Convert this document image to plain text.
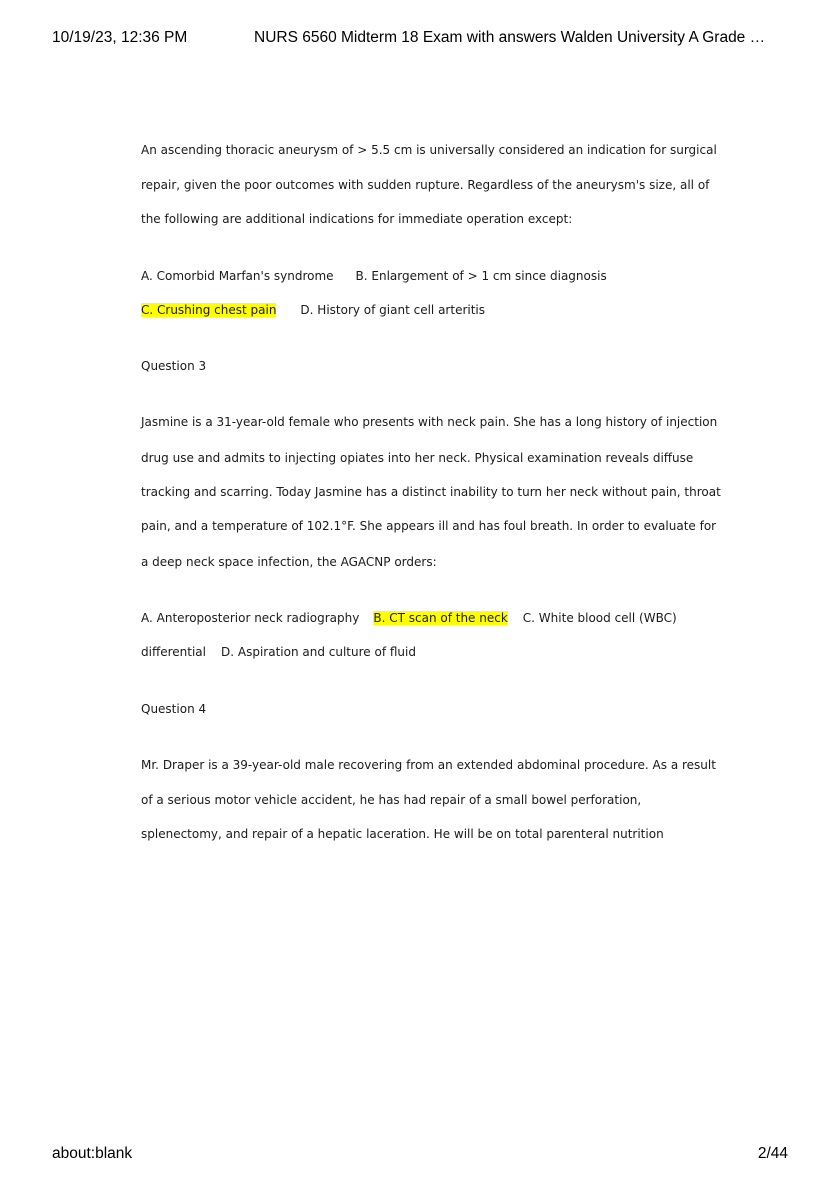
10/19/23, 12:36 PM	NURS 6560 Midterm 18 Exam with answers Walden University A Grade …
An ascending thoracic aneurysm of > 5.5 cm is universally considered an indication for surgical
repair, given the poor outcomes with sudden rupture. Regardless of the aneurysm's size, all of
the following are additional indications for immediate operation except:
A. Comorbid Marfan's syndrome B. Enlargement of > 1 cm since diagnosis
C. Crushing chest pain D. History of giant cell arteritis
Question 3
Jasmine is a 31-year-old female who presents with neck pain. She has a long history of injection
drug use and admits to injecting opiates into her neck. Physical examination reveals diffuse
tracking and scarring. Today Jasmine has a distinct inability to turn her neck without pain, throat
pain, and a temperature of 102.1°F. She appears ill and has foul breath. In order to evaluate for
a deep neck space infection, the AGACNP orders:
A. Anteroposterior neck radiography B. CT scan of the neck C. White blood cell (WBC)
differential D. Aspiration and culture of fluid
Question 4
Mr. Draper is a 39-year-old male recovering from an extended abdominal procedure. As a result
of a serious motor vehicle accident, he has had repair of a small bowel perforation,
splenectomy, and repair of a hepatic laceration. He will be on total parenteral nutrition
about:blank	2/44
